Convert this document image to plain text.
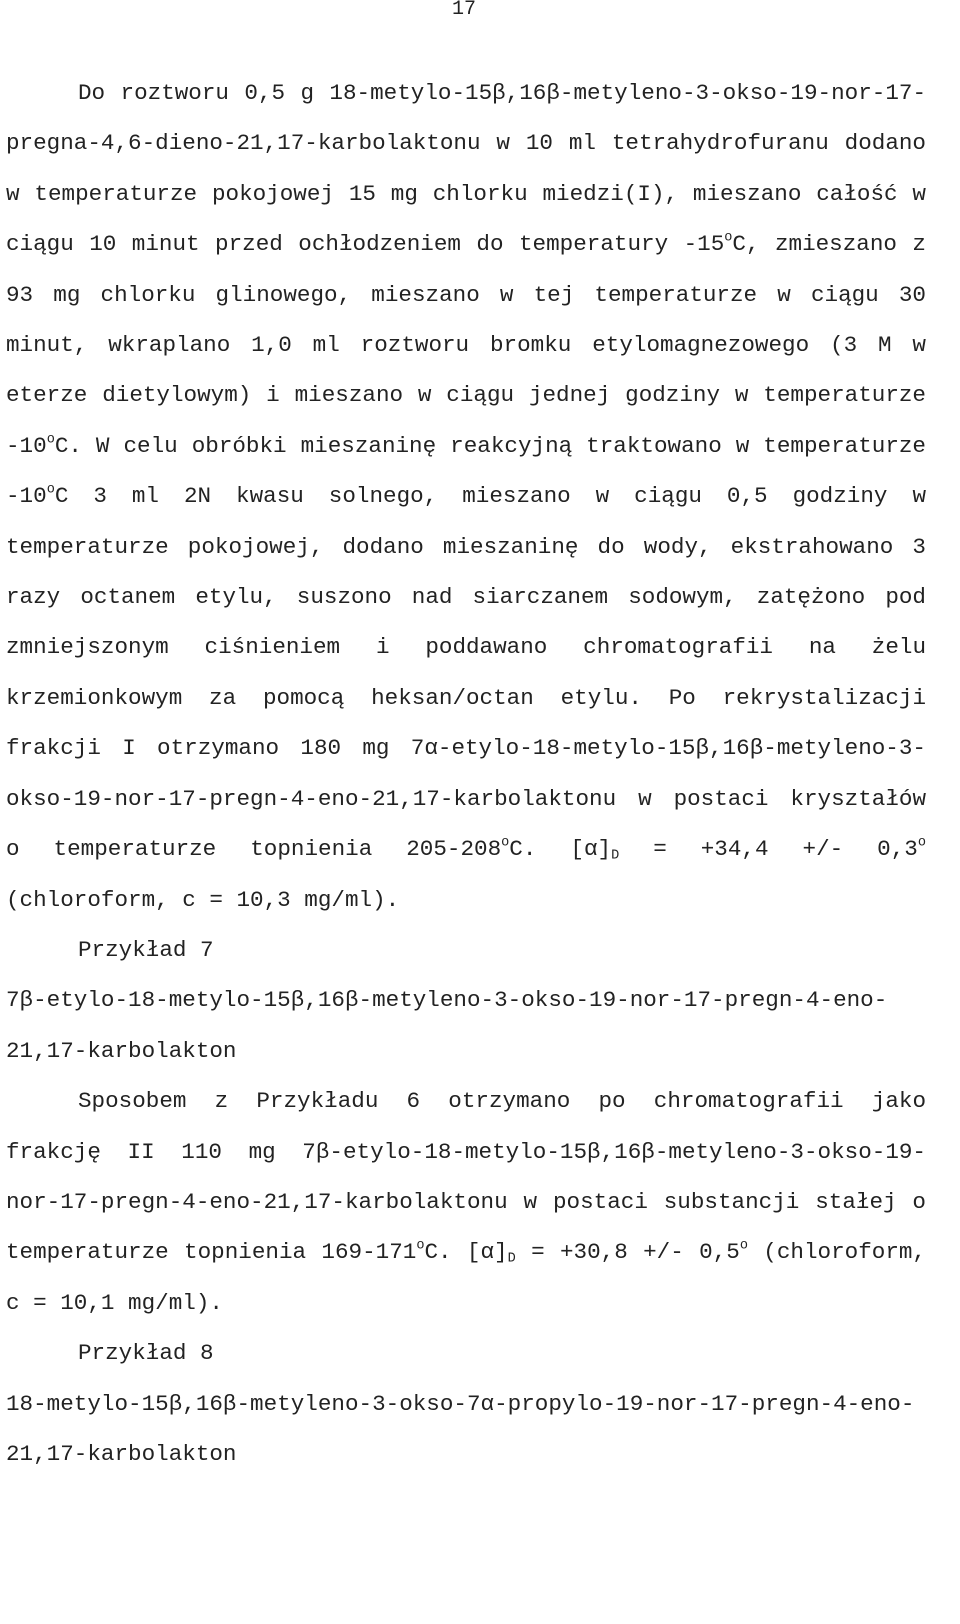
17

Do roztworu 0,5 g 18-metylo-15β,16β-metyleno-3-okso-19-nor-17-pregna-4,6-dieno-21,17-karbolaktonu w 10 ml tetrahydrofuranu dodano w temperaturze pokojowej 15 mg chlorku miedzi(I), mieszano całość w ciągu 10 minut przed ochłodzeniem do temperatury -15$^o$C, zmieszano z 93 mg chlorku glinowego, mieszano w tej temperaturze w ciągu 30 minut, wkraplano 1,0 ml roztworu bromku etylomagnezowego (3 M w eterze dietylowym) i mieszano w ciągu jednej godziny w temperaturze -10$^o$C. W celu obróbki mieszaninę reakcyjną traktowano w temperaturze -10$^o$C 3 ml 2N kwasu solnego, mieszano w ciągu 0,5 godziny w temperaturze pokojowej, dodano mieszaninę do wody, ekstrahowano 3 razy octanem etylu, suszono nad siarczanem sodowym, zatężono pod zmniejszonym ciśnieniem i poddawano chromatografii na żelu krzemionkowym za pomocą heksan/octan etylu. Po rekrystalizacji frakcji I otrzymano 180 mg 7α-etylo-18-metylo-15β,16β-metyleno-3-okso-19-nor-17-pregn-4-eno-21,17-karbolaktonu w postaci kryształów o temperaturze topnienia 205-208$^o$C. $[\alpha]_D = +34,4$ +/- 0,3$^o$ (chloroform, c = 10,3 mg/ml).

Przykład 7

7β-etylo-18-metylo-15β,16β-metyleno-3-okso-19-nor-17-pregn-4-eno-21,17-karbolakton

Sposobem z Przykładu 6 otrzymano po chromatografii jako frakcję II 110 mg 7β-etylo-18-metylo-15β,16β-metyleno-3-okso-19-nor-17-pregn-4-eno-21,17-karbolaktonu w postaci substancji stałej o temperaturze topnienia 169-171$^o$C. $[\alpha]_D = +30,8$ +/- 0,5$^o$ (chloroform, c = 10,1 mg/ml).

Przykład 8

18-metylo-15β,16β-metyleno-3-okso-7α-propylo-19-nor-17-pregn-4-eno-21,17-karbolakton
